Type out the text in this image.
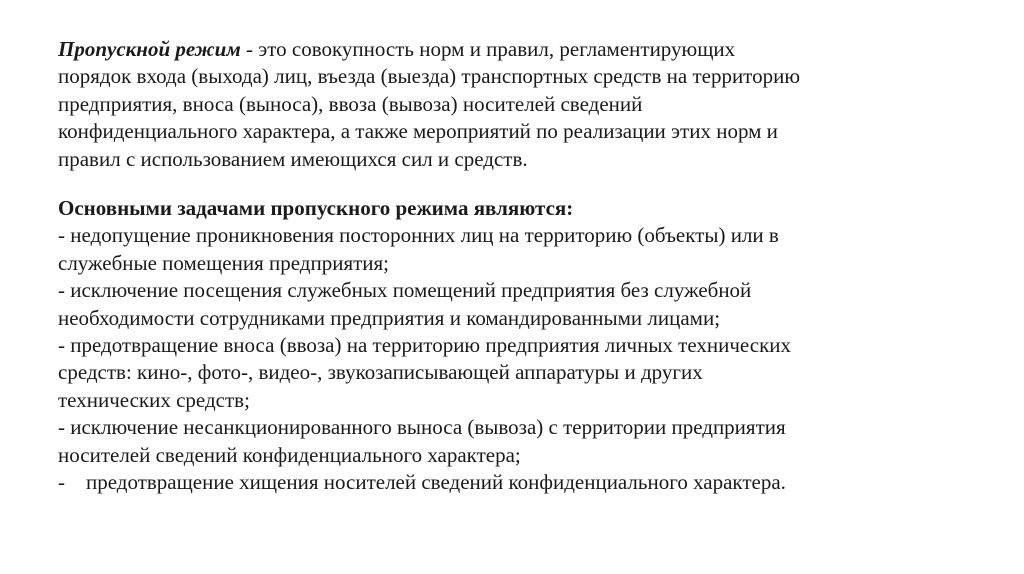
Пропускной режим - это совокупность норм и правил, регламентирующих
порядок входа (выхода) лиц, въезда (выезда) транспортных средств на территорию
предприятия, вноса (выноса), ввоза (вывоза) носителей сведений
конфиденциального характера, а также мероприятий по реализации этих норм и
правил с использованием имеющихся сил и средств.

Основными задачами пропускного режима являются:

- недопущение проникновения посторонних лиц на территорию (объекты) или в

служебные помещения предприятия;

- исключение посещения служебных помещений предприятия без служебной

необходимости сотрудниками предприятия и командированными лицами;

- предотвращение вноса (ввоза) на территорию предприятия личных технических

средств: кино-, фото-, видео-, звукозаписывающей аппаратуры и других

технических средств;

- исключение несанкционированного выноса (вывоза) с территории предприятия

носителей сведений конфиденциального характера;

- предотвращение хищения носителей сведений конфиденциального характера.
